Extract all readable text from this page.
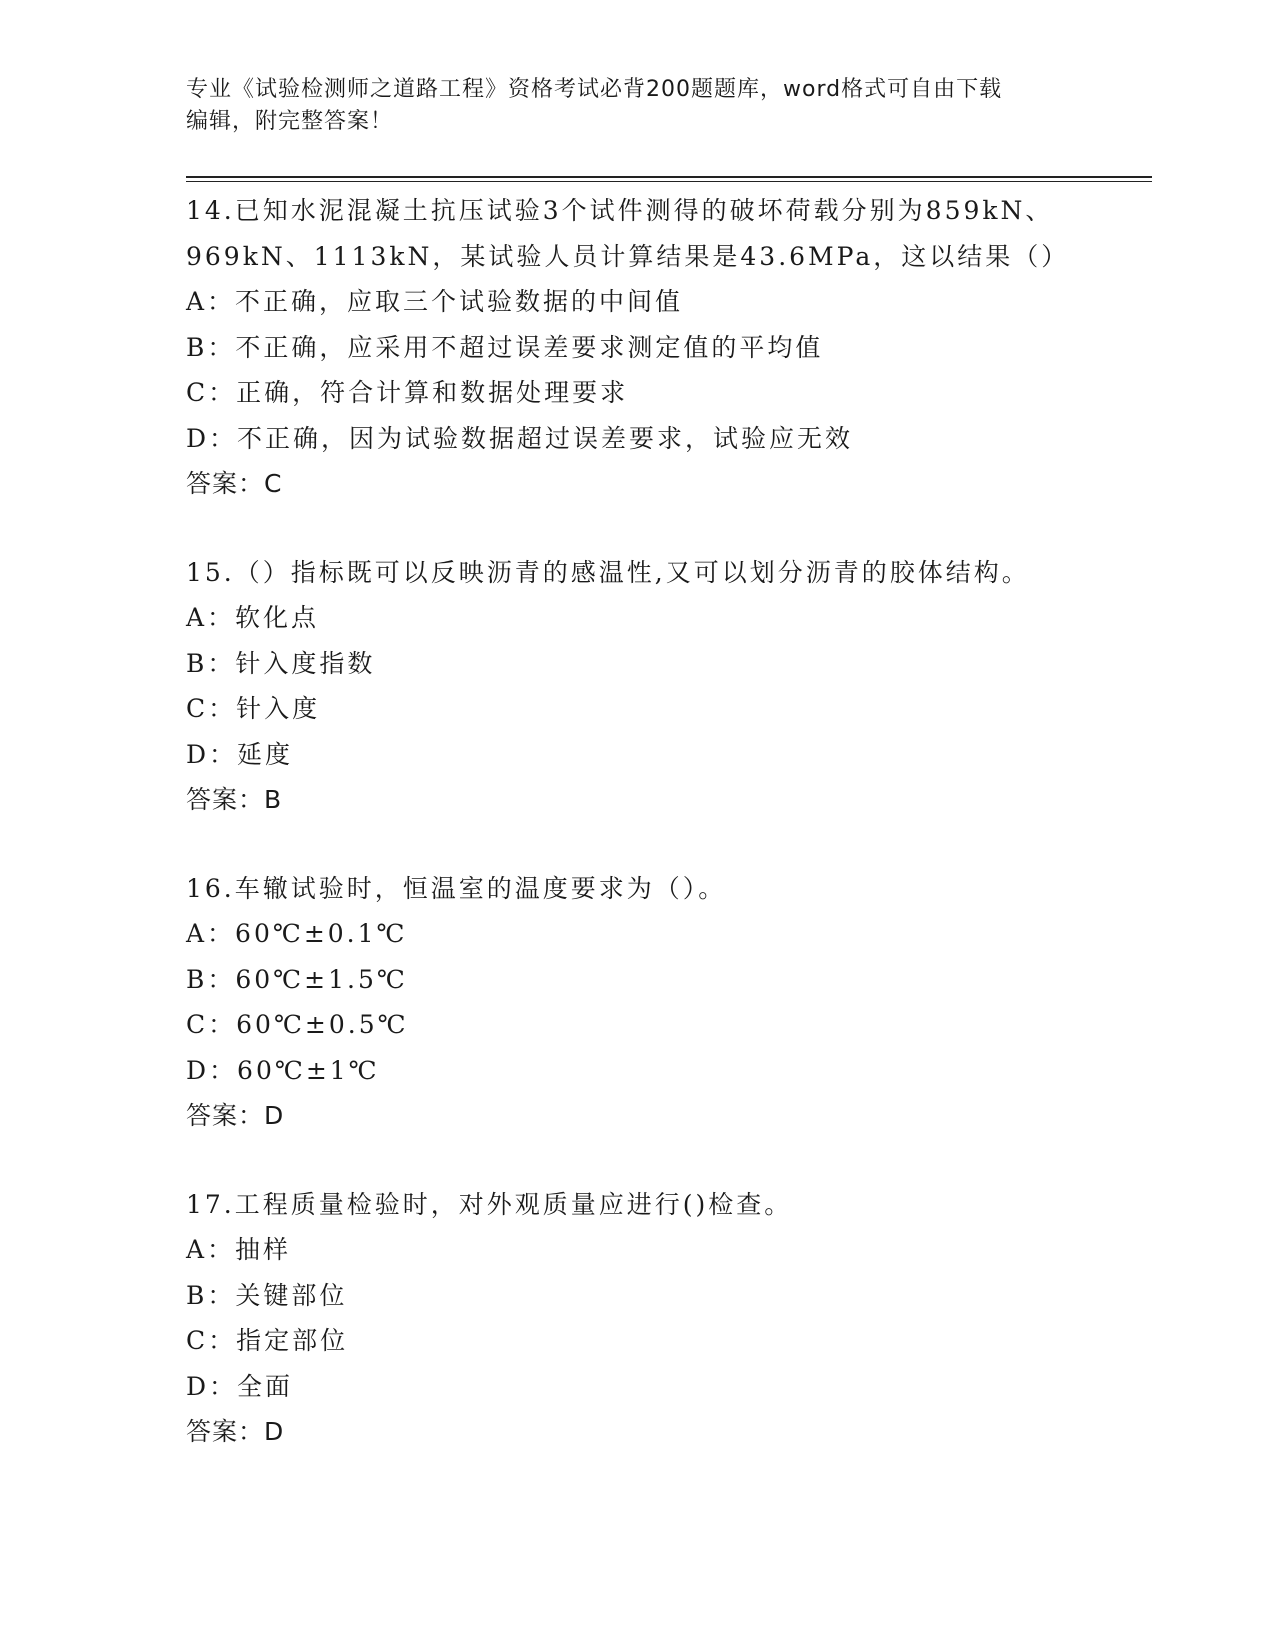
专业《试验检测师之道路工程》资格考试必背200题题库，word格式可自由下载
编辑，附完整答案！
14.已知水泥混凝土抗压试验3个试件测得的破坏荷载分别为859kN、
969kN、1113kN，某试验人员计算结果是43.6MPa，这以结果（）
A：不正确，应取三个试验数据的中间值
B：不正确，应采用不超过误差要求测定值的平均值
C：正确，符合计算和数据处理要求
D：不正确，因为试验数据超过误差要求，试验应无效
答案：C
15.（）指标既可以反映沥青的感温性,又可以划分沥青的胶体结构。
A：软化点
B：针入度指数
C：针入度
D：延度
答案：B
16.车辙试验时，恒温室的温度要求为（）。
A：60℃±0.1℃
B：60℃±1.5℃
C：60℃±0.5℃
D：60℃±1℃
答案：D
17.工程质量检验时，对外观质量应进行()检查。
A：抽样
B：关键部位
C：指定部位
D：全面
答案：D
